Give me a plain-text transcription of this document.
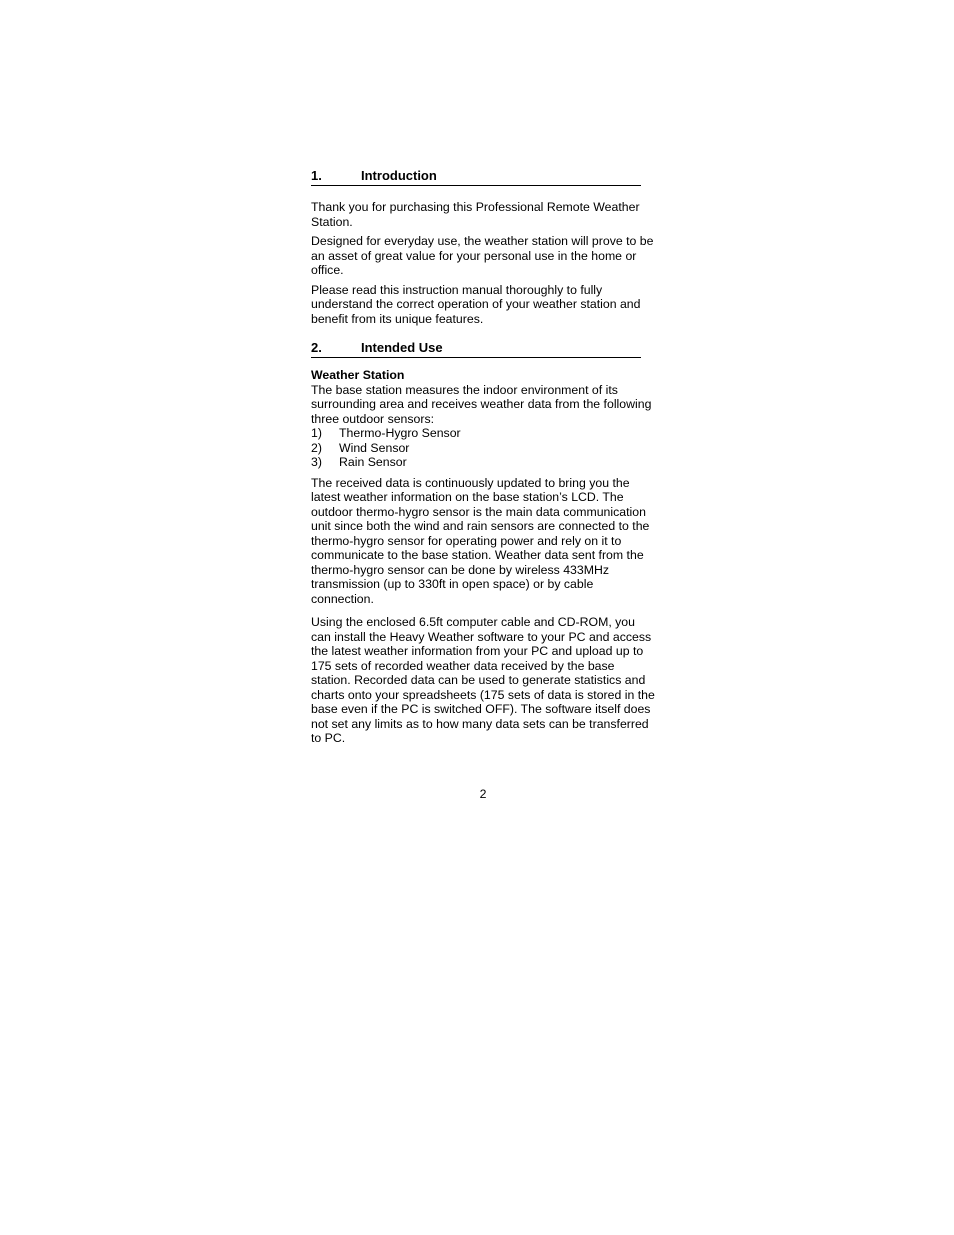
1.	Introduction

Thank you for purchasing this Professional Remote Weather Station.

Designed for everyday use, the weather station will prove to be an asset of great value for your personal use in the home or office.

Please read this instruction manual thoroughly to fully understand the correct operation of your weather station and benefit from its unique features.

2.	Intended Use
Weather Station

The base station measures the indoor environment of its surrounding area and receives weather data from the following three outdoor sensors:

1)	Thermo-Hygro Sensor
2)	Wind Sensor
3)	Rain Sensor

The received data is continuously updated to bring you the latest weather information on the base station’s LCD. The outdoor thermo-hygro sensor is the main data communication unit since both the wind and rain sensors are connected to the thermo-hygro sensor for operating power and rely on it to communicate to the base station. Weather data sent from the thermo-hygro sensor can be done by wireless 433MHz transmission (up to 330ft in open space) or by cable connection.

Using the enclosed 6.5ft computer cable and CD-ROM, you can install the Heavy Weather software to your PC and access the latest weather information from your PC and upload up to 175 sets of recorded weather data received by the base station. Recorded data can be used to generate statistics and charts onto your spreadsheets (175 sets of data is stored in the base even if the PC is switched OFF). The software itself does not set any limits as to how many data sets can be transferred to PC.

2
